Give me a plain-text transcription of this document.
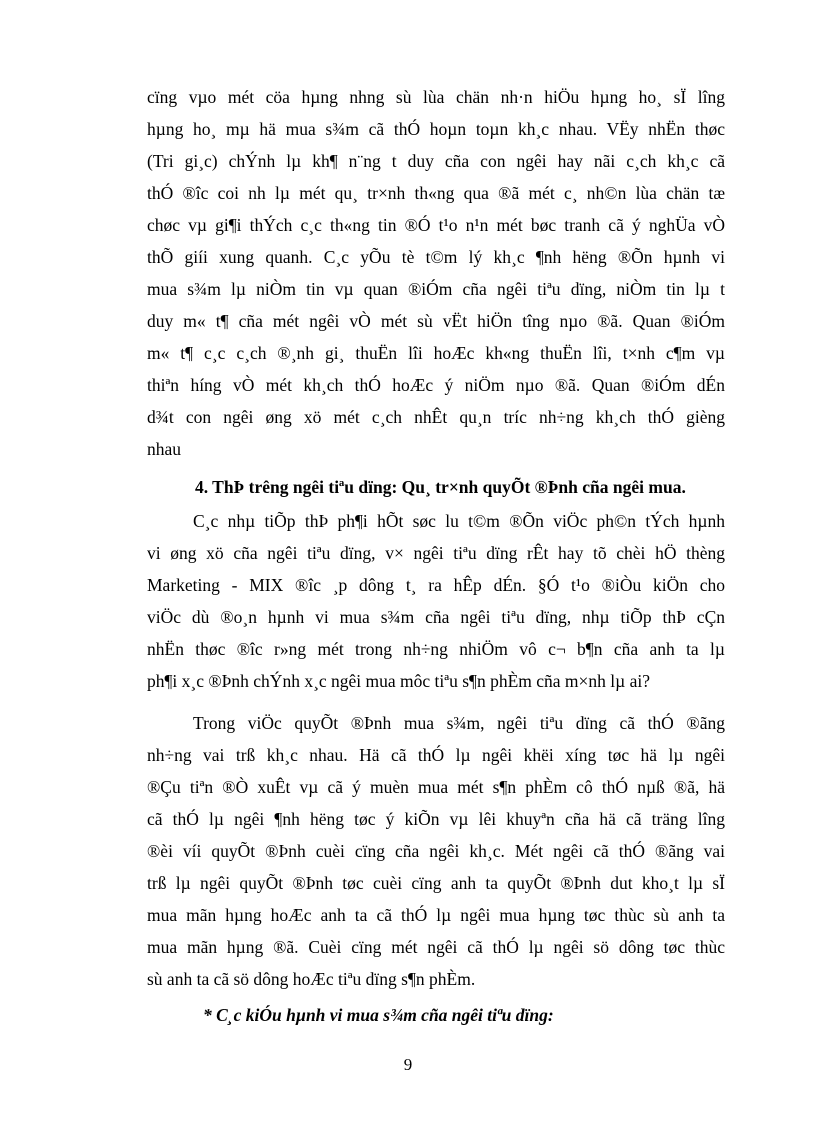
cïng vµo mét cöa hµng nhng sù lùa chän nh·n hiÖu hµng ho¸ sÏ lîng
hµng ho¸ mµ hä mua s¾m cã thÓ hoµn toµn kh¸c nhau. VËy nhËn thøc
(Tri gi¸c) chÝnh lµ kh¶ n¨ng t duy cña con ngêi hay nãi c¸ch kh¸c cã
thÓ ®îc coi nh lµ mét qu¸ tr×nh th«ng qua ®ã mét c¸ nh©n lùa chän tæ
chøc vµ gi¶i thÝch c¸c th«ng tin ®Ó t¹o n¹n mét bøc tranh cã ý nghÜa vÒ
thÕ giíi xung quanh. C¸c yÕu tè t©m lý kh¸c ¶nh hëng ®Õn hµnh vi
mua s¾m lµ niÒm tin vµ quan ®iÓm cña ngêi tiªu dïng, niÒm tin lµ t
duy m« t¶ cña mét ngêi vÒ mét sù vËt hiÖn tîng nµo ®ã. Quan ®iÓm
m« t¶ c¸c c¸ch ®¸nh gi¸ thuËn lîi hoÆc kh«ng thuËn lîi, t×nh c¶m vµ
thiªn híng vÒ mét kh¸ch thÓ hoÆc ý niÖm nµo ®ã. Quan ®iÓm dÉn
d¾t con ngêi øng xö mét c¸ch nhÊt qu¸n tríc nh÷ng kh¸ch thÓ gièng
nhau
4. ThÞ trêng ngêi tiªu dïng: Qu¸ tr×nh quyÕt ®Þnh cña ngêi mua.
C¸c nhµ tiÕp thÞ ph¶i hÕt søc lu t©m ®Õn viÖc ph©n tÝch hµnh
vi øng xö cña ngêi tiªu dïng, v× ngêi tiªu dïng rÊt hay tõ chèi hÖ thèng
Marketing - MIX ®îc ¸p dông t¸ ra hÊp dÉn. §Ó t¹o ®iÒu kiÖn cho
viÖc dù ®o¸n hµnh vi mua s¾m cña ngêi tiªu dïng, nhµ tiÕp thÞ cÇn
nhËn thøc ®îc r»ng mét trong nh÷ng nhiÖm vô c¬ b¶n cña anh ta lµ
ph¶i x¸c ®Þnh chÝnh x¸c ngêi mua môc tiªu s¶n phÈm cña m×nh lµ ai?
Trong viÖc quyÕt ®Þnh mua s¾m, ngêi tiªu dïng cã thÓ ®ãng
nh÷ng vai trß kh¸c nhau. Hä cã thÓ lµ ngêi khëi xíng tøc hä lµ ngêi
®Çu tiªn ®Ò xuÊt vµ cã ý muèn mua mét s¶n phÈm cô thÓ nµß ®ã, hä
cã thÓ lµ ngêi ¶nh hëng tøc ý kiÕn vµ lêi khuyªn cña hä cã träng lîng
®èi víi quyÕt ®Þnh cuèi cïng cña ngêi kh¸c. Mét ngêi cã thÓ ®ãng vai
trß lµ ngêi quyÕt ®Þnh tøc cuèi cïng anh ta quyÕt ®Þnh dut kho¸t lµ sÏ
mua mãn hµng hoÆc anh ta cã thÓ lµ ngêi mua hµng tøc thùc sù anh ta
mua mãn hµng ®ã. Cuèi cïng mét ngêi cã thÓ lµ ngêi sö dông tøc thùc
sù anh ta cã sö dông hoÆc tiªu dïng s¶n phÈm.
* C¸c kiÓu hµnh vi mua s¾m cña ngêi tiªu dïng:
9
